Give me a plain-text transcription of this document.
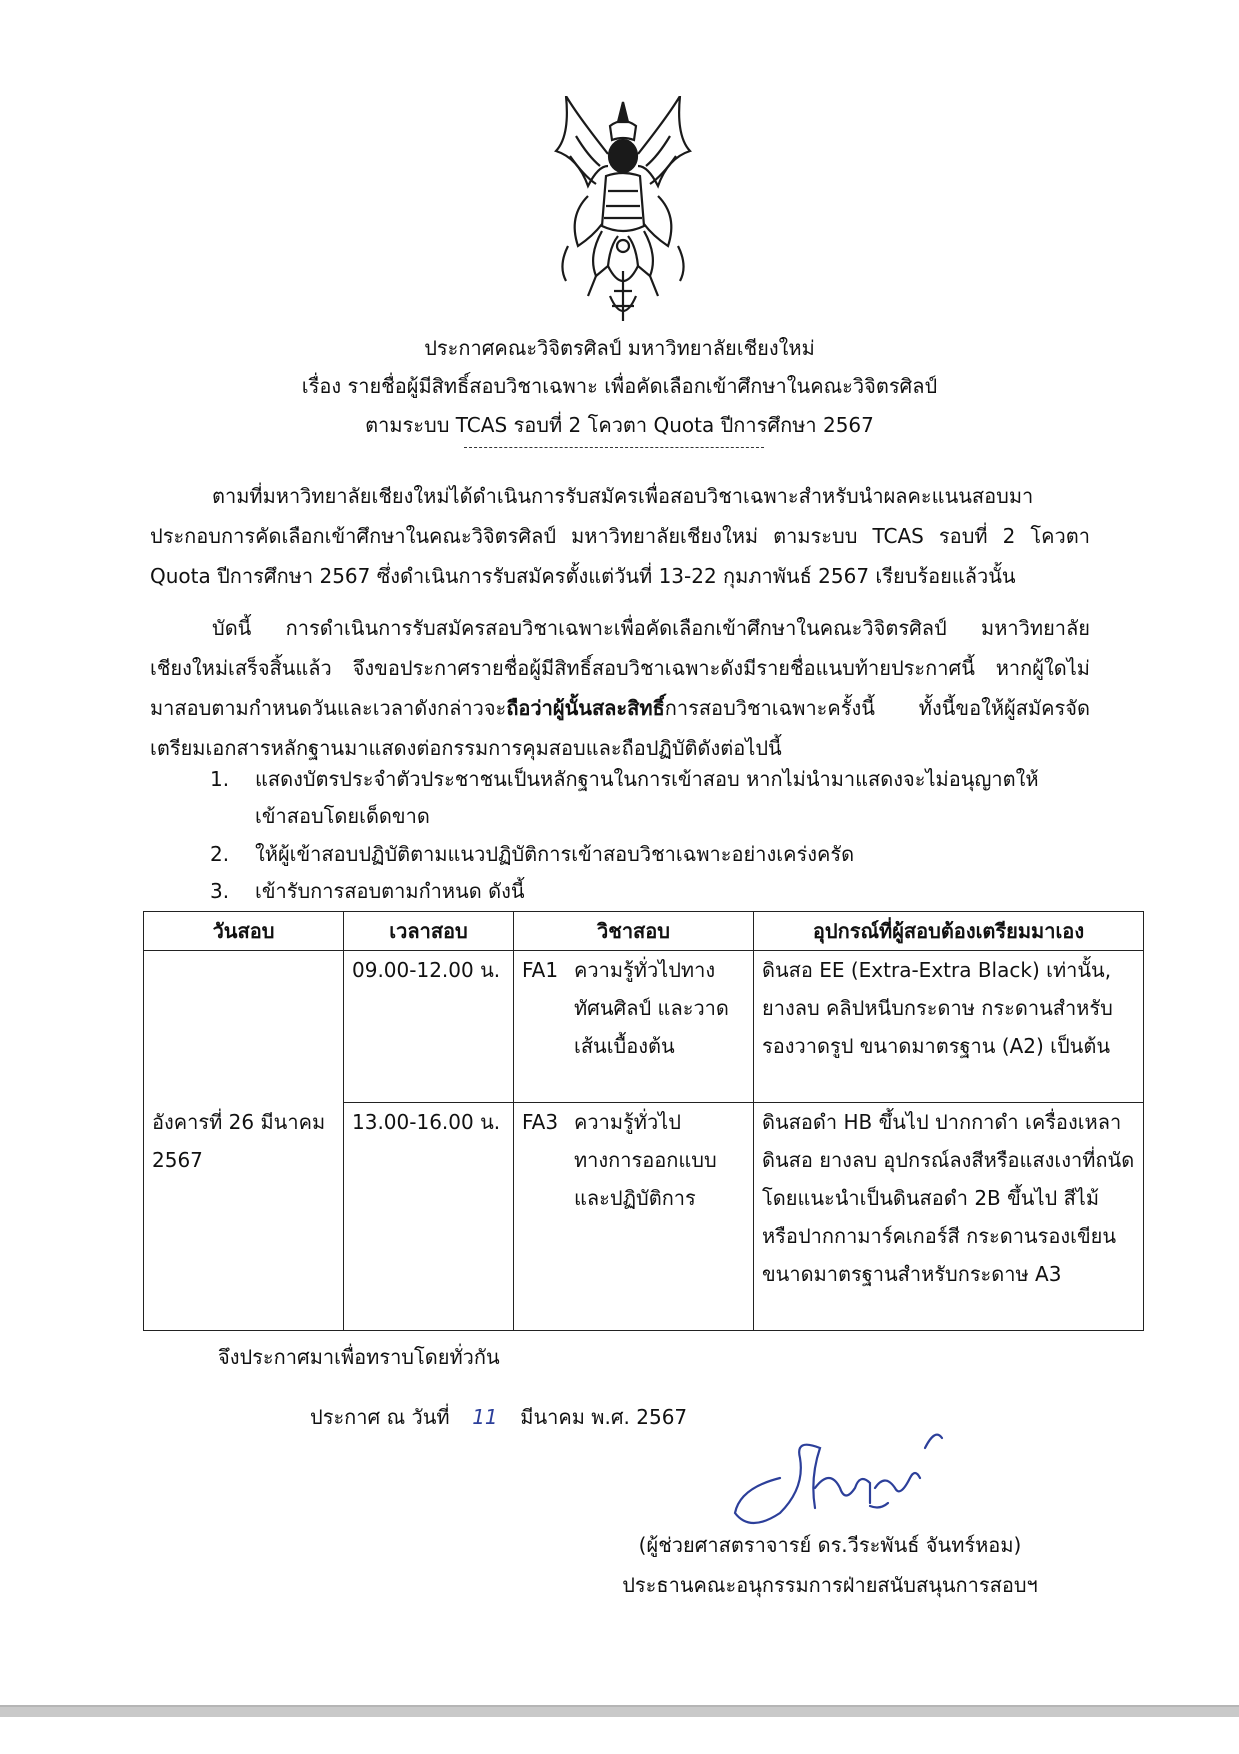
ประกาศคณะวิจิตรศิลป์ มหาวิทยาลัยเชียงใหม่
เรื่อง รายชื่อผู้มีสิทธิ์สอบวิชาเฉพาะ เพื่อคัดเลือกเข้าศึกษาในคณะวิจิตรศิลป์
ตามระบบ TCAS รอบที่ 2 โควตา Quota ปีการศึกษา 2567
ตามที่มหาวิทยาลัยเชียงใหม่ได้ดำเนินการรับสมัครเพื่อสอบวิชาเฉพาะสำหรับนำผลคะแนนสอบมาประกอบการคัดเลือกเข้าศึกษาในคณะวิจิตรศิลป์ มหาวิทยาลัยเชียงใหม่ ตามระบบ TCAS รอบที่ 2 โควตา Quota ปีการศึกษา 2567 ซึ่งดำเนินการรับสมัครตั้งแต่วันที่ 13-22 กุมภาพันธ์ 2567 เรียบร้อยแล้วนั้น
บัดนี้ การดำเนินการรับสมัครสอบวิชาเฉพาะเพื่อคัดเลือกเข้าศึกษาในคณะวิจิตรศิลป์ มหาวิทยาลัยเชียงใหม่เสร็จสิ้นแล้ว จึงขอประกาศรายชื่อผู้มีสิทธิ์สอบวิชาเฉพาะดังมีรายชื่อแนบท้ายประกาศนี้ หากผู้ใดไม่มาสอบตามกำหนดวันและเวลาดังกล่าวจะถือว่าผู้นั้นสละสิทธิ์การสอบวิชาเฉพาะครั้งนี้ ทั้งนี้ขอให้ผู้สมัครจัดเตรียมเอกสารหลักฐานมาแสดงต่อกรรมการคุมสอบและถือปฏิบัติดังต่อไปนี้
1. แสดงบัตรประจำตัวประชาชนเป็นหลักฐานในการเข้าสอบ หากไม่นำมาแสดงจะไม่อนุญาตให้เข้าสอบโดยเด็ดขาด
2. ให้ผู้เข้าสอบปฏิบัติตามแนวปฏิบัติการเข้าสอบวิชาเฉพาะอย่างเคร่งครัด
3. เข้ารับการสอบตามกำหนด ดังนี้
วันสอบ	เวลาสอบ	วิชาสอบ	อุปกรณ์ที่ผู้สอบต้องเตรียมมาเอง
อังคารที่ 26 มีนาคม 2567	09.00-12.00 น.	FA1 ความรู้ทั่วไปทางทัศนศิลป์ และวาดเส้นเบื้องต้น	ดินสอ EE (Extra-Extra Black) เท่านั้น, ยางลบ คลิปหนีบกระดาษ กระดานสำหรับรองวาดรูป ขนาดมาตรฐาน (A2) เป็นต้น
	13.00-16.00 น.	FA3 ความรู้ทั่วไปทางการออกแบบและปฏิบัติการ	ดินสอดำ HB ขึ้นไป ปากกาดำ เครื่องเหลาดินสอ ยางลบ อุปกรณ์ลงสีหรือแสงเงาที่ถนัด โดยแนะนำเป็นดินสอดำ 2B ขึ้นไป สีไม้ หรือปากกามาร์คเกอร์สี กระดานรองเขียน ขนาดมาตรฐานสำหรับกระดาษ A3
จึงประกาศมาเพื่อทราบโดยทั่วกัน
ประกาศ ณ วันที่ 11 มีนาคม พ.ศ. 2567
(ผู้ช่วยศาสตราจารย์ ดร.วีระพันธ์ จันทร์หอม)
ประธานคณะอนุกรรมการฝ่ายสนับสนุนการสอบฯ
